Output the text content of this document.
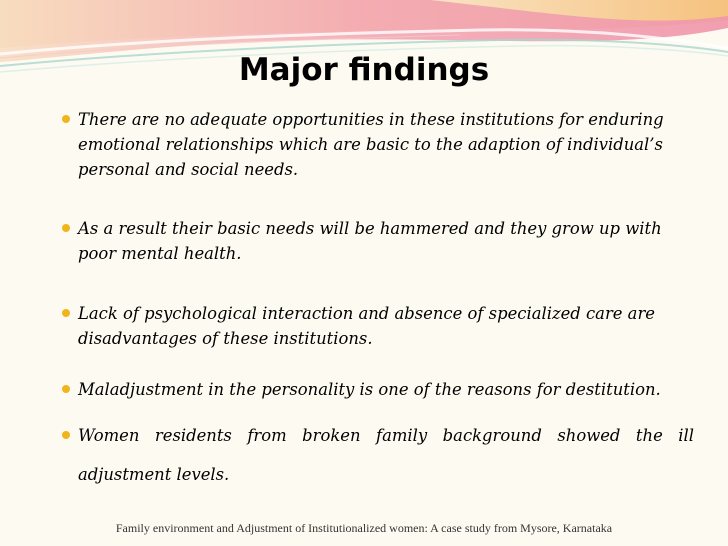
Major findings
There are no adequate opportunities in these institutions for enduring emotional relationships which are basic to the adaption of individual’s personal and social needs.
As a result their basic needs will be hammered and they grow up with poor mental health.
Lack of psychological interaction and absence of specialized care are disadvantages of these institutions.
Maladjustment in the personality is one of the reasons for destitution.
Women residents from broken family background showed the ill
adjustment levels.
Family environment and Adjustment of Institutionalized women: A case study from Mysore, Karnataka
